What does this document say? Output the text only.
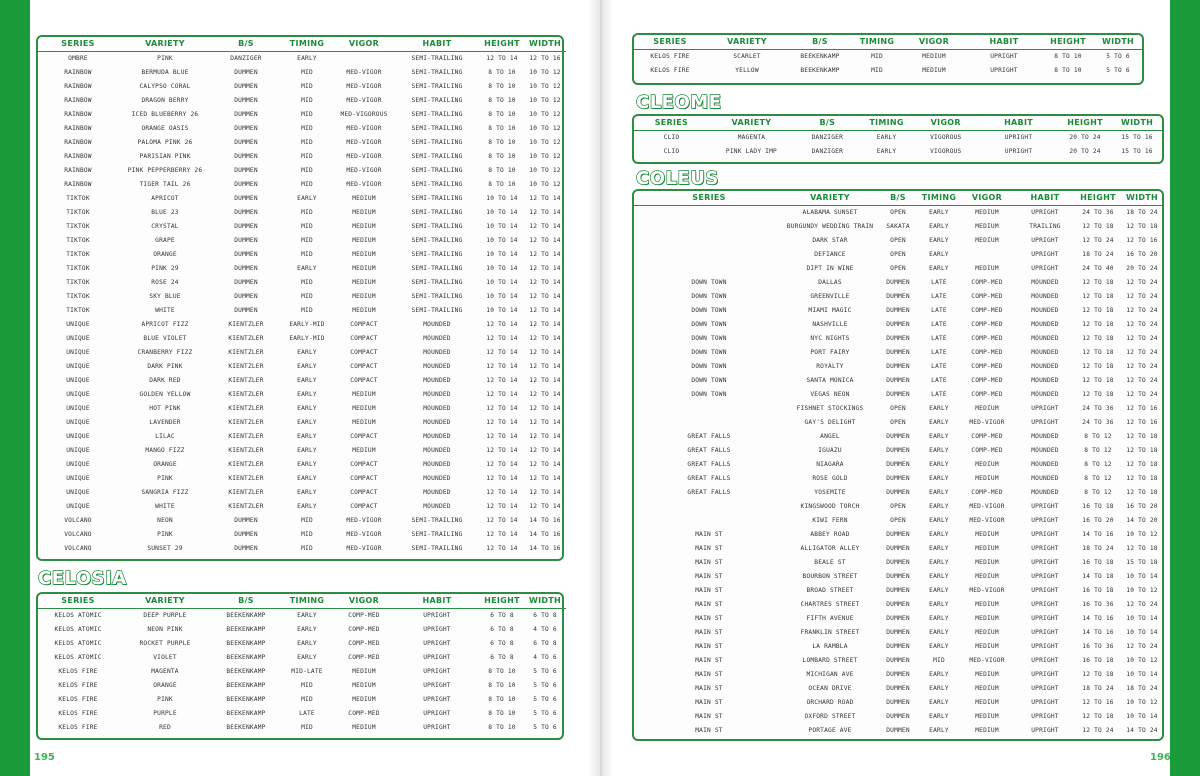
SERIES	VARIETY	B/S	TIMING	VIGOR	HABIT	HEIGHT	WIDTH
OMBRE	PINK	DANZIGER	EARLY		SEMI-TRAILING	12 TO 14	12 TO 16
RAINBOW	BERMUDA BLUE	DUMMEN	MID	MED-VIGOR	SEMI-TRAILING	8 TO 10	10 TO 12
RAINBOW	CALYPSO CORAL	DUMMEN	MID	MED-VIGOR	SEMI-TRAILING	8 TO 10	10 TO 12
RAINBOW	DRAGON BERRY	DUMMEN	MID	MED-VIGOR	SEMI-TRAILING	8 TO 10	10 TO 12
RAINBOW	ICED BLUEBERRY 26	DUMMEN	MID	MED-VIGOROUS	SEMI-TRAILING	8 TO 10	10 TO 12
RAINBOW	ORANGE OASIS	DUMMEN	MID	MED-VIGOR	SEMI-TRAILING	8 TO 10	10 TO 12
RAINBOW	PALOMA PINK 26	DUMMEN	MID	MED-VIGOR	SEMI-TRAILING	8 TO 10	10 TO 12
RAINBOW	PARISIAN PINK	DUMMEN	MID	MED-VIGOR	SEMI-TRAILING	8 TO 10	10 TO 12
RAINBOW	PINK PEPPERBERRY 26	DUMMEN	MID	MED-VIGOR	SEMI-TRAILING	8 TO 10	10 TO 12
RAINBOW	TIGER TAIL 26	DUMMEN	MID	MED-VIGOR	SEMI-TRAILING	8 TO 10	10 TO 12
TIKTOK	APRICOT	DUMMEN	EARLY	MEDIUM	SEMI-TRAILING	10 TO 14	12 TO 14
TIKTOK	BLUE 23	DUMMEN	MID	MEDIUM	SEMI-TRAILING	10 TO 14	12 TO 14
TIKTOK	CRYSTAL	DUMMEN	MID	MEDIUM	SEMI-TRAILING	10 TO 14	12 TO 14
TIKTOK	GRAPE	DUMMEN	MID	MEDIUM	SEMI-TRAILING	10 TO 14	12 TO 14
TIKTOK	ORANGE	DUMMEN	MID	MEDIUM	SEMI-TRAILING	10 TO 14	12 TO 14
TIKTOK	PINK 29	DUMMEN	EARLY	MEDIUM	SEMI-TRAILING	10 TO 14	12 TO 14
TIKTOK	ROSE 24	DUMMEN	MID	MEDIUM	SEMI-TRAILING	10 TO 14	12 TO 14
TIKTOK	SKY BLUE	DUMMEN	MID	MEDIUM	SEMI-TRAILING	10 TO 14	12 TO 14
TIKTOK	WHITE	DUMMEN	MID	MEDIUM	SEMI-TRAILING	10 TO 14	12 TO 14
UNIQUE	APRICOT FIZZ	KIENTZLER	EARLY-MID	COMPACT	MOUNDED	12 TO 14	12 TO 14
UNIQUE	BLUE VIOLET	KIENTZLER	EARLY-MID	COMPACT	MOUNDED	12 TO 14	12 TO 14
UNIQUE	CRANBERRY FIZZ	KIENTZLER	EARLY	COMPACT	MOUNDED	12 TO 14	12 TO 14
UNIQUE	DARK PINK	KIENTZLER	EARLY	COMPACT	MOUNDED	12 TO 14	12 TO 14
UNIQUE	DARK RED	KIENTZLER	EARLY	COMPACT	MOUNDED	12 TO 14	12 TO 14
UNIQUE	GOLDEN YELLOW	KIENTZLER	EARLY	MEDIUM	MOUNDED	12 TO 14	12 TO 14
UNIQUE	HOT PINK	KIENTZLER	EARLY	MEDIUM	MOUNDED	12 TO 14	12 TO 14
UNIQUE	LAVENDER	KIENTZLER	EARLY	MEDIUM	MOUNDED	12 TO 14	12 TO 14
UNIQUE	LILAC	KIENTZLER	EARLY	COMPACT	MOUNDED	12 TO 14	12 TO 14
UNIQUE	MANGO FIZZ	KIENTZLER	EARLY	MEDIUM	MOUNDED	12 TO 14	12 TO 14
UNIQUE	ORANGE	KIENTZLER	EARLY	COMPACT	MOUNDED	12 TO 14	12 TO 14
UNIQUE	PINK	KIENTZLER	EARLY	COMPACT	MOUNDED	12 TO 14	12 TO 14
UNIQUE	SANGRIA FIZZ	KIENTZLER	EARLY	COMPACT	MOUNDED	12 TO 14	12 TO 14
UNIQUE	WHITE	KIENTZLER	EARLY	COMPACT	MOUNDED	12 TO 14	12 TO 14
VOLCANO	NEON	DUMMEN	MID	MED-VIGOR	SEMI-TRAILING	12 TO 14	14 TO 16
VOLCANO	PINK	DUMMEN	MID	MED-VIGOR	SEMI-TRAILING	12 TO 14	14 TO 16
VOLCANO	SUNSET 29	DUMMEN	MID	MED-VIGOR	SEMI-TRAILING	12 TO 14	14 TO 16
CELOSIA
SERIES	VARIETY	B/S	TIMING	VIGOR	HABIT	HEIGHT	WIDTH
KELOS ATOMIC	DEEP PURPLE	BEEKENKAMP	EARLY	COMP-MED	UPRIGHT	6 TO 8	6 TO 8
KELOS ATOMIC	NEON PINK	BEEKENKAMP	EARLY	COMP-MED	UPRIGHT	6 TO 8	4 TO 6
KELOS ATOMIC	ROCKET PURPLE	BEEKENKAMP	EARLY	COMP-MED	UPRIGHT	6 TO 8	6 TO 8
KELOS ATOMIC	VIOLET	BEEKENKAMP	EARLY	COMP-MED	UPRIGHT	6 TO 8	4 TO 6
KELOS FIRE	MAGENTA	BEEKENKAMP	MID-LATE	MEDIUM	UPRIGHT	8 TO 10	5 TO 6
KELOS FIRE	ORANGE	BEEKENKAMP	MID	MEDIUM	UPRIGHT	8 TO 10	5 TO 6
KELOS FIRE	PINK	BEEKENKAMP	MID	MEDIUM	UPRIGHT	8 TO 10	5 TO 6
KELOS FIRE	PURPLE	BEEKENKAMP	LATE	COMP-MED	UPRIGHT	8 TO 10	5 TO 6
KELOS FIRE	RED	BEEKENKAMP	MID	MEDIUM	UPRIGHT	8 TO 10	5 TO 6
195
SERIES	VARIETY	B/S	TIMING	VIGOR	HABIT	HEIGHT	WIDTH
KELOS FIRE	SCARLET	BEEKENKAMP	MID	MEDIUM	UPRIGHT	8 TO 10	5 TO 6
KELOS FIRE	YELLOW	BEEKENKAMP	MID	MEDIUM	UPRIGHT	8 TO 10	5 TO 6
CLEOME
SERIES	VARIETY	B/S	TIMING	VIGOR	HABIT	HEIGHT	WIDTH
CLIO	MAGENTA	DANZIGER	EARLY	VIGOROUS	UPRIGHT	20 TO 24	15 TO 16
CLIO	PINK LADY IMP	DANZIGER	EARLY	VIGOROUS	UPRIGHT	20 TO 24	15 TO 16
COLEUS
SERIES	VARIETY	B/S	TIMING	VIGOR	HABIT	HEIGHT	WIDTH
	ALABAMA SUNSET	OPEN	EARLY	MEDIUM	UPRIGHT	24 TO 36	18 TO 24
	BURGUNDY WEDDING TRAIN	SAKATA	EARLY	MEDIUM	TRAILING	12 TO 18	12 TO 18
	DARK STAR	OPEN	EARLY	MEDIUM	UPRIGHT	12 TO 24	12 TO 16
	DEFIANCE	OPEN	EARLY		UPRIGHT	18 TO 24	16 TO 20
	DIPT IN WINE	OPEN	EARLY	MEDIUM	UPRIGHT	24 TO 40	20 TO 24
DOWN TOWN	DALLAS	DUMMEN	LATE	COMP-MED	MOUNDED	12 TO 18	12 TO 24
DOWN TOWN	GREENVILLE	DUMMEN	LATE	COMP-MED	MOUNDED	12 TO 18	12 TO 24
DOWN TOWN	MIAMI MAGIC	DUMMEN	LATE	COMP-MED	MOUNDED	12 TO 18	12 TO 24
DOWN TOWN	NASHVILLE	DUMMEN	LATE	COMP-MED	MOUNDED	12 TO 18	12 TO 24
DOWN TOWN	NYC NIGHTS	DUMMEN	LATE	COMP-MED	MOUNDED	12 TO 18	12 TO 24
DOWN TOWN	PORT FAIRY	DUMMEN	LATE	COMP-MED	MOUNDED	12 TO 18	12 TO 24
DOWN TOWN	ROYALTY	DUMMEN	LATE	COMP-MED	MOUNDED	12 TO 18	12 TO 24
DOWN TOWN	SANTA MONICA	DUMMEN	LATE	COMP-MED	MOUNDED	12 TO 18	12 TO 24
DOWN TOWN	VEGAS NEON	DUMMEN	LATE	COMP-MED	MOUNDED	12 TO 18	12 TO 24
	FISHNET STOCKINGS	OPEN	EARLY	MEDIUM	UPRIGHT	24 TO 36	12 TO 16
	GAY'S DELIGHT	OPEN	EARLY	MED-VIGOR	UPRIGHT	24 TO 36	12 TO 16
GREAT FALLS	ANGEL	DUMMEN	EARLY	COMP-MED	MOUNDED	8 TO 12	12 TO 18
GREAT FALLS	IGUAZU	DUMMEN	EARLY	COMP-MED	MOUNDED	8 TO 12	12 TO 18
GREAT FALLS	NIAGARA	DUMMEN	EARLY	MEDIUM	MOUNDED	8 TO 12	12 TO 18
GREAT FALLS	ROSE GOLD	DUMMEN	EARLY	MEDIUM	MOUNDED	8 TO 12	12 TO 18
GREAT FALLS	YOSEMITE	DUMMEN	EARLY	COMP-MED	MOUNDED	8 TO 12	12 TO 18
	KINGSWOOD TORCH	OPEN	EARLY	MED-VIGOR	UPRIGHT	16 TO 18	16 TO 20
	KIWI FERN	OPEN	EARLY	MED-VIGOR	UPRIGHT	16 TO 20	14 TO 20
MAIN ST	ABBEY ROAD	DUMMEN	EARLY	MEDIUM	UPRIGHT	14 TO 16	10 TO 12
MAIN ST	ALLIGATOR ALLEY	DUMMEN	EARLY	MEDIUM	UPRIGHT	18 TO 24	12 TO 18
MAIN ST	BEALE ST	DUMMEN	EARLY	MEDIUM	UPRIGHT	16 TO 18	15 TO 18
MAIN ST	BOURBON STREET	DUMMEN	EARLY	MEDIUM	UPRIGHT	14 TO 18	10 TO 14
MAIN ST	BROAD STREET	DUMMEN	EARLY	MED-VIGOR	UPRIGHT	16 TO 18	10 TO 12
MAIN ST	CHARTRES STREET	DUMMEN	EARLY	MEDIUM	UPRIGHT	16 TO 36	12 TO 24
MAIN ST	FIFTH AVENUE	DUMMEN	EARLY	MEDIUM	UPRIGHT	14 TO 16	10 TO 14
MAIN ST	FRANKLIN STREET	DUMMEN	EARLY	MEDIUM	UPRIGHT	14 TO 16	10 TO 14
MAIN ST	LA RAMBLA	DUMMEN	EARLY	MEDIUM	UPRIGHT	16 TO 36	12 TO 24
MAIN ST	LOMBARD STREET	DUMMEN	MID	MED-VIGOR	UPRIGHT	16 TO 18	10 TO 12
MAIN ST	MICHIGAN AVE	DUMMEN	EARLY	MEDIUM	UPRIGHT	12 TO 18	10 TO 14
MAIN ST	OCEAN DRIVE	DUMMEN	EARLY	MEDIUM	UPRIGHT	18 TO 24	18 TO 24
MAIN ST	ORCHARD ROAD	DUMMEN	EARLY	MEDIUM	UPRIGHT	12 TO 16	10 TO 12
MAIN ST	OXFORD STREET	DUMMEN	EARLY	MEDIUM	UPRIGHT	12 TO 18	10 TO 14
MAIN ST	PORTAGE AVE	DUMMEN	EARLY	MEDIUM	UPRIGHT	12 TO 24	14 TO 24
196
